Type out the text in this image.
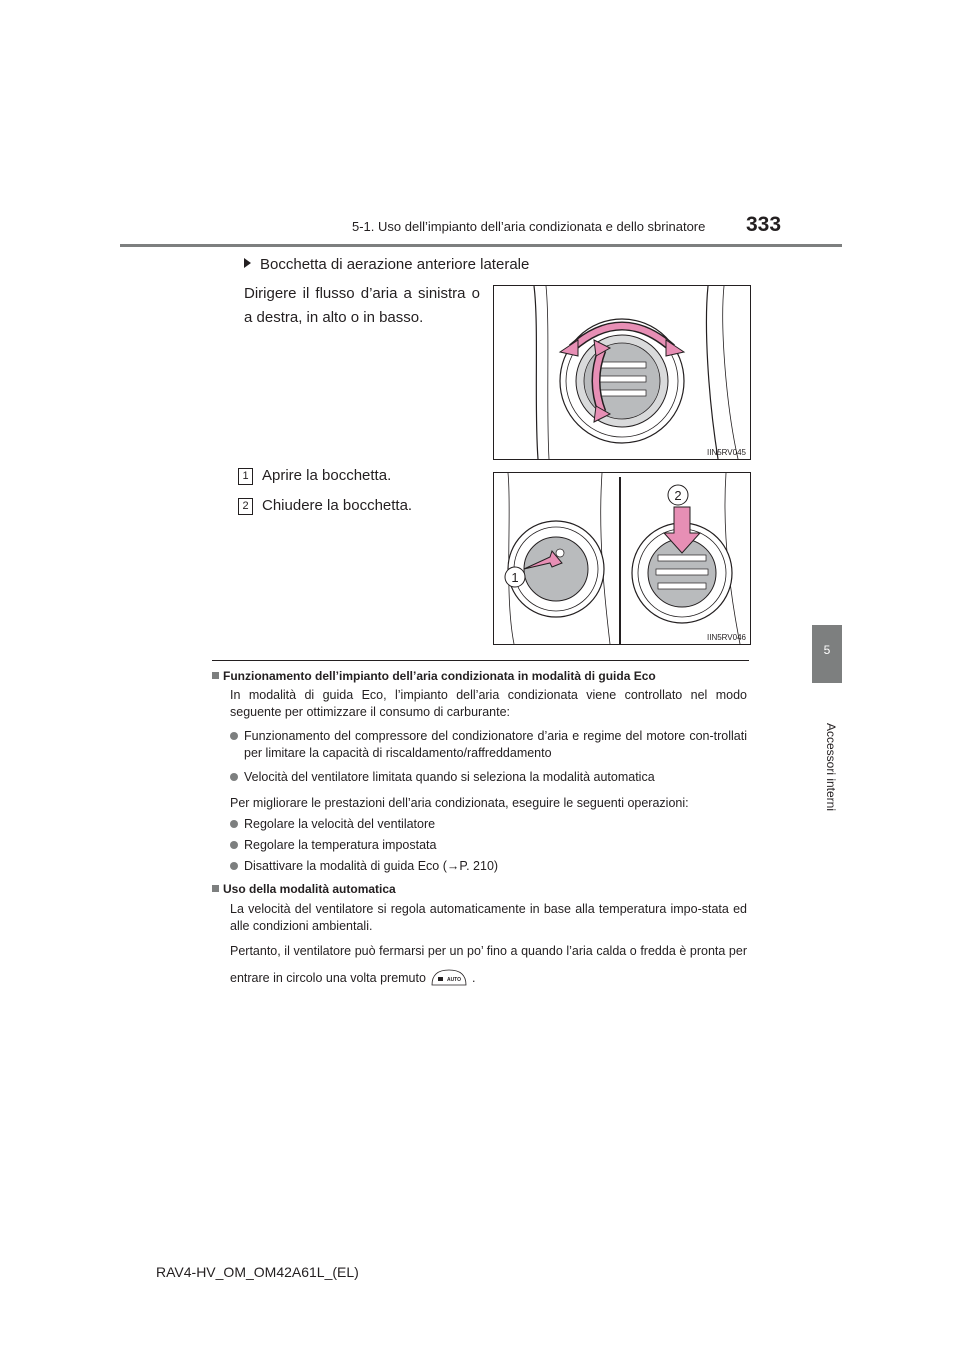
5-1. Uso dell’impianto dell’aria condizionata e dello sbrinatore 333
5
Accessori interni
Bocchetta di aerazione anteriore laterale
Dirigere il flusso d’aria a sinistra o a destra, in alto o in basso.
IIN5RV045
1 Aprire la bocchetta.
2 Chiudere la bocchetta.
1
2
IIN5RV046
Funzionamento dell’impianto dell’aria condizionata in modalità di guida Eco
In modalità di guida Eco, l’impianto dell’aria condizionata viene controllato nel modo seguente per ottimizzare il consumo di carburante:
Funzionamento del compressore del condizionatore d’aria e regime del motore con-trollati per limitare la capacità di riscaldamento/raffreddamento
Velocità del ventilatore limitata quando si seleziona la modalità automatica
Per migliorare le prestazioni dell’aria condizionata, eseguire le seguenti operazioni:
Regolare la velocità del ventilatore
Regolare la temperatura impostata
Disattivare la modalità di guida Eco (→P. 210)
Uso della modalità automatica
La velocità del ventilatore si regola automaticamente in base alla temperatura impo-stata ed alle condizioni ambientali.
Pertanto, il ventilatore può fermarsi per un po’ fino a quando l’aria calda o fredda è pronta per entrare in circolo una volta premuto	AUTO .
RAV4-HV_OM_OM42A61L_(EL)
